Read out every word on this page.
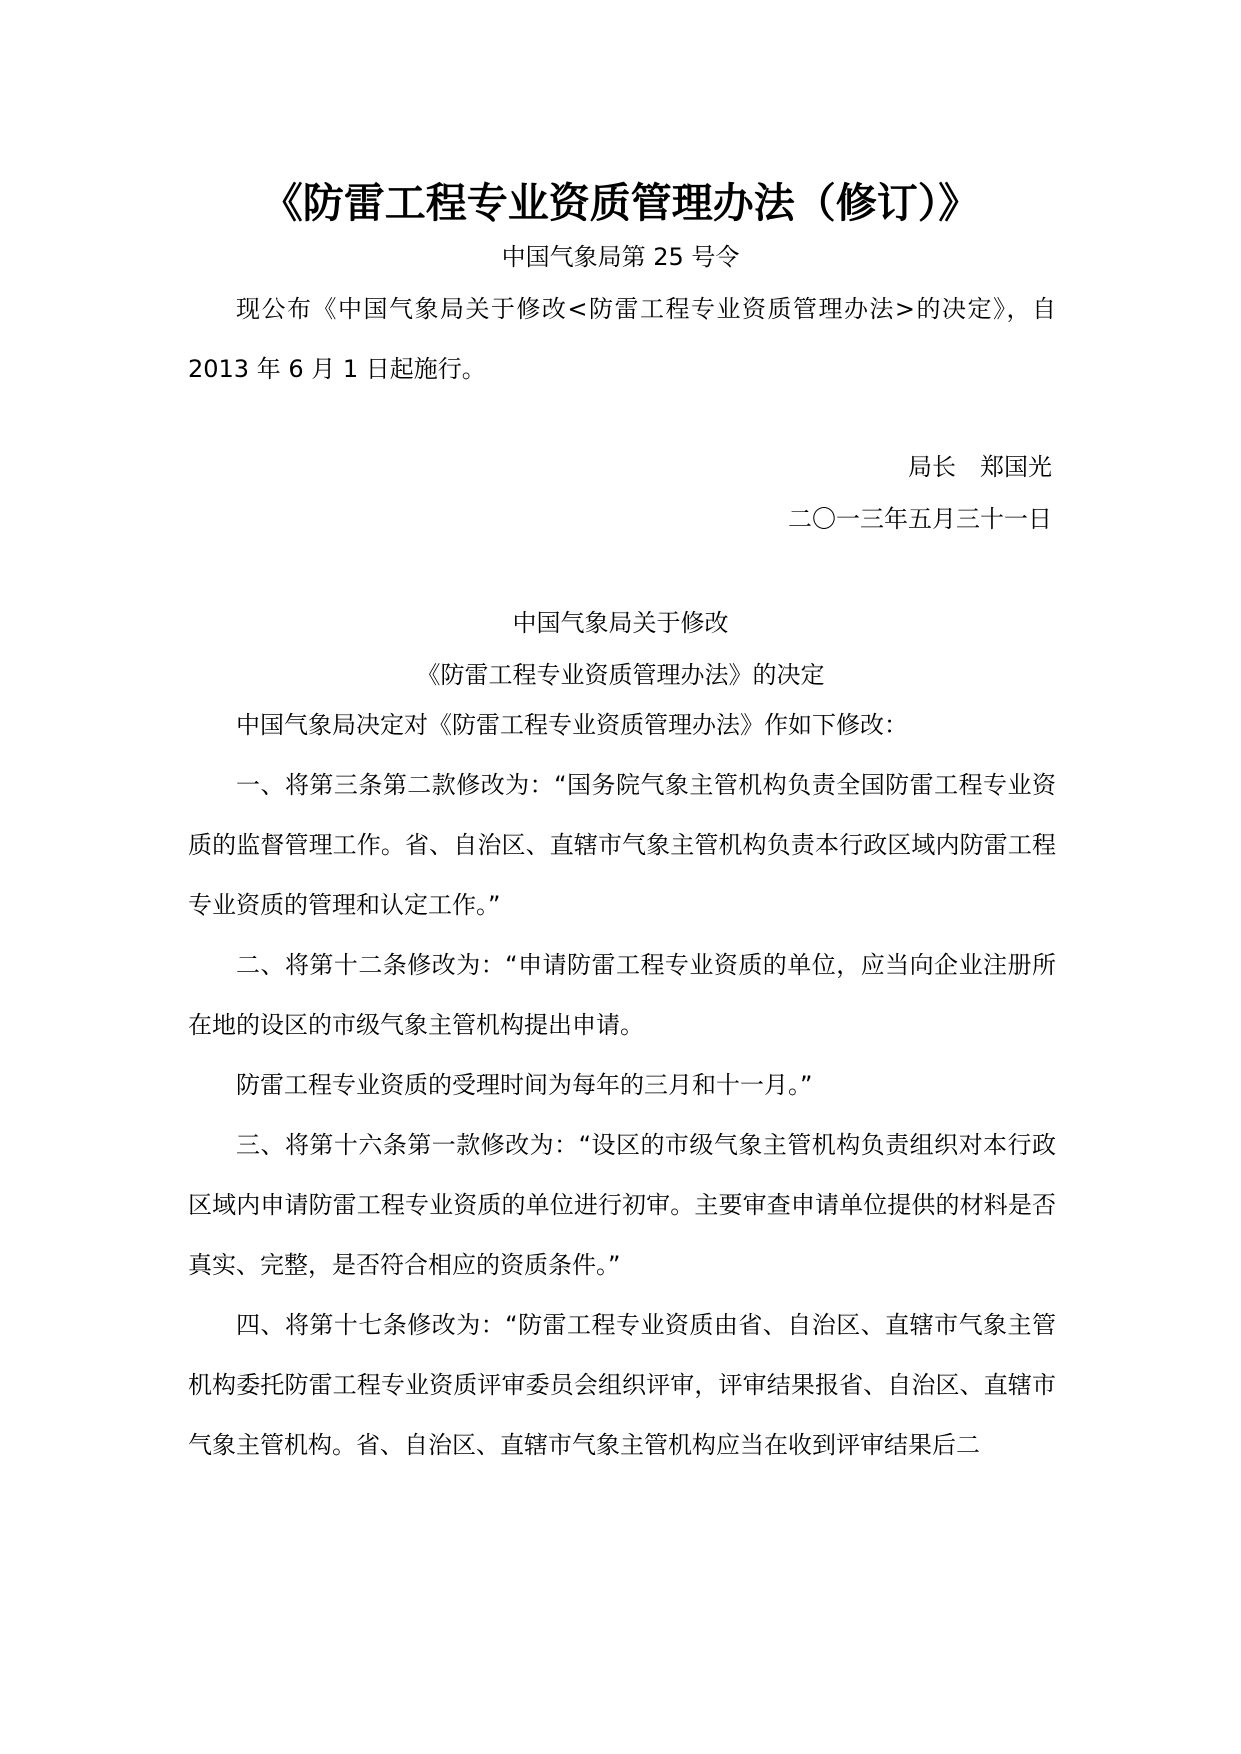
《防雷工程专业资质管理办法（修订）》
中国气象局第 25 号令
现公布《中国气象局关于修改<防雷工程专业资质管理办法>的决定》，自2013 年 6 月 1 日起施行。
局长　郑国光
二〇一三年五月三十一日
中国气象局关于修改
《防雷工程专业资质管理办法》的决定

中国气象局决定对《防雷工程专业资质管理办法》作如下修改：

一、将第三条第二款修改为：“国务院气象主管机构负责全国防雷工程专业资质的监督管理工作。省、自治区、直辖市气象主管机构负责本行政区域内防雷工程专业资质的管理和认定工作。”

二、将第十二条修改为：“申请防雷工程专业资质的单位，应当向企业注册所在地的设区的市级气象主管机构提出申请。

防雷工程专业资质的受理时间为每年的三月和十一月。”

三、将第十六条第一款修改为：“设区的市级气象主管机构负责组织对本行政区域内申请防雷工程专业资质的单位进行初审。主要审查申请单位提供的材料是否真实、完整，是否符合相应的资质条件。”

四、将第十七条修改为：“防雷工程专业资质由省、自治区、直辖市气象主管机构委托防雷工程专业资质评审委员会组织评审，评审结果报省、自治区、直辖市气象主管机构。省、自治区、直辖市气象主管机构应当在收到评审结果后二
